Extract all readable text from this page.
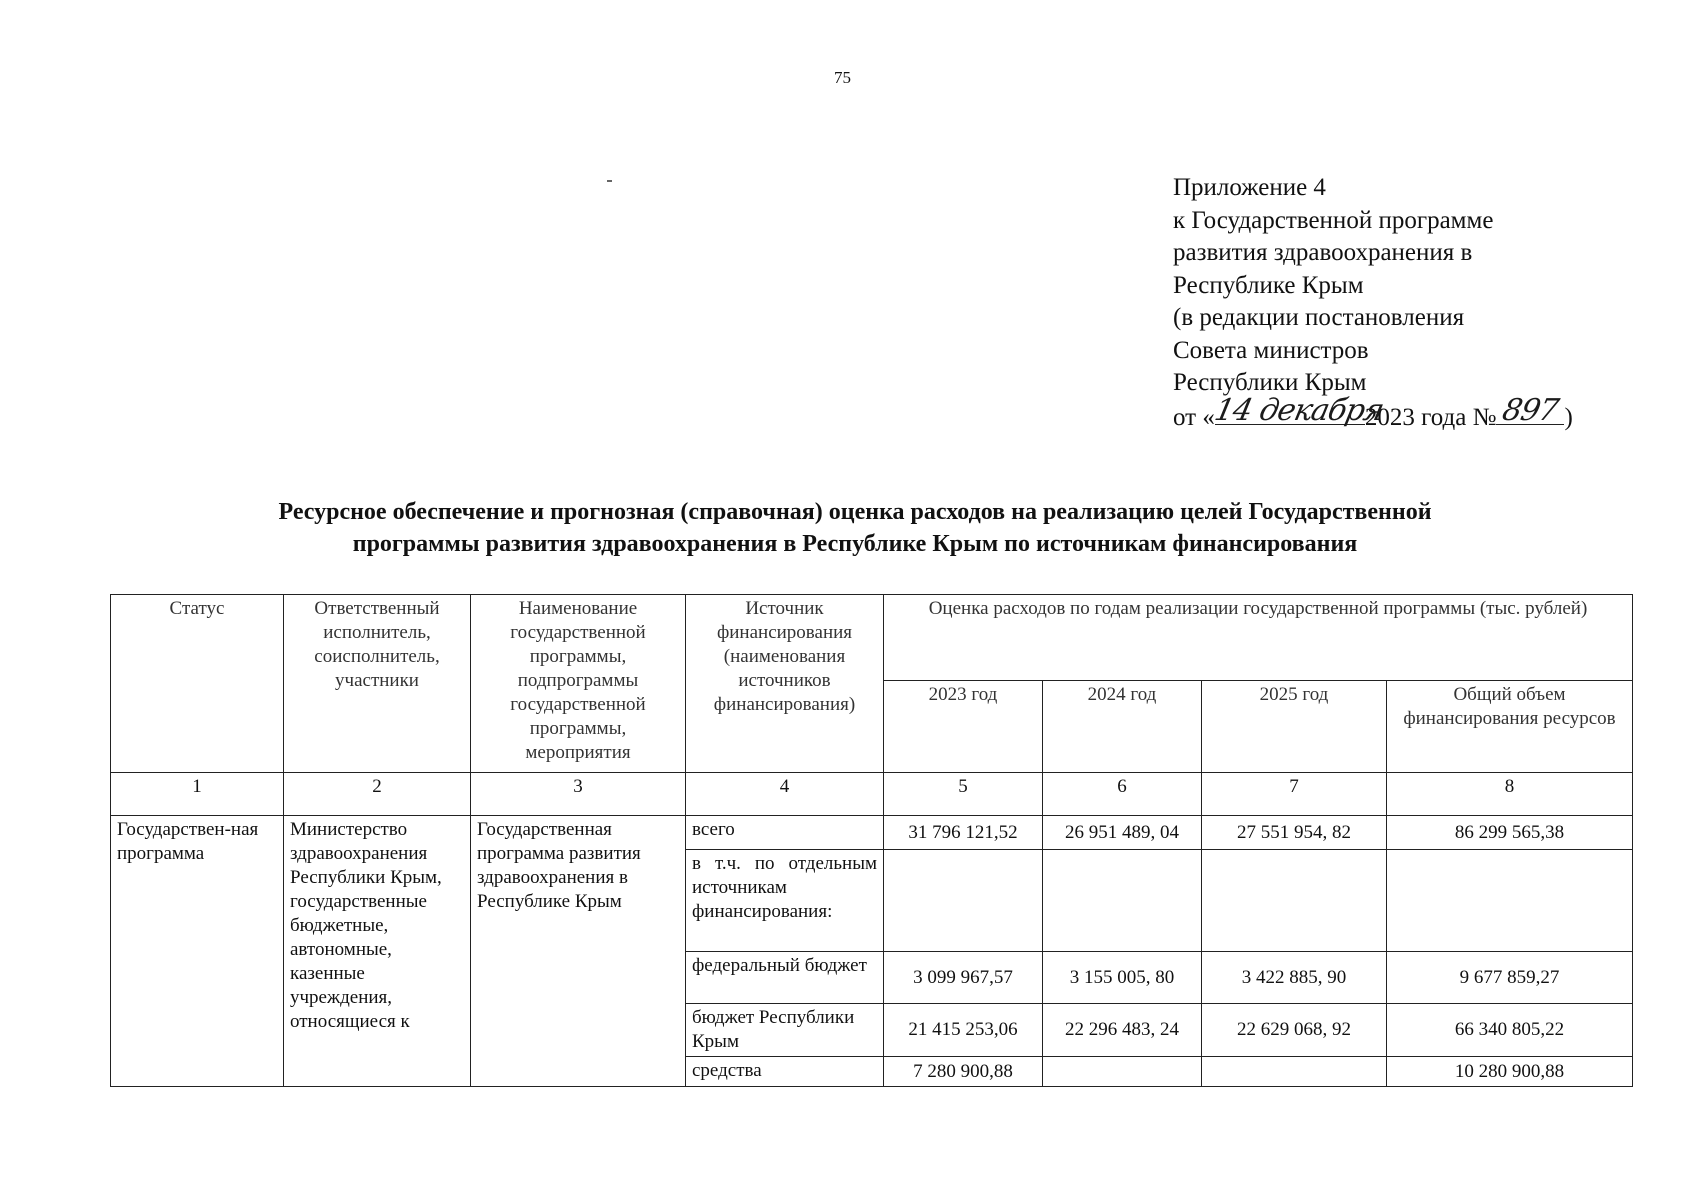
75
Приложение 4
к Государственной программе
развития здравоохранения в
Республике Крым
(в редакции постановления
Совета министров
Республики Крым
от «
14 декабря
2023 года № 897 )
Ресурсное обеспечение и прогнозная (справочная) оценка расходов на реализацию целей Государственной
программы развития здравоохранения в Республике Крым по источникам финансирования
Статус	Ответственный исполнитель, соисполнитель, участники	Наименование государственной программы, подпрограммы государственной программы, мероприятия	Источник финансирования (наименования источников финансирования)	Оценка расходов по годам реализации государственной программы (тыс. рублей)			
				2023 год	2024 год	2025 год	Общий объем финансирования ресурсов
1	2	3	4	5	6	7	8
Государствен-ная программа	Министерство здравоохранения Республики Крым, государственные бюджетные, автономные, казенные учреждения, относящиеся к	Государственная программа развития здравоохранения в Республике Крым	всего	31 796 121,52	26 951 489, 04	27 551 954, 82	86 299 565,38
			в т.ч. по отдельным источникам финансирования:				
			федеральный бюджет	3 099 967,57	3 155 005, 80	3 422 885, 90	9 677 859,27
			бюджет Республики Крым	21 415 253,06	22 296 483, 24	22 629 068, 92	66 340 805,22
			средства	7 280 900,88			10 280 900,88
